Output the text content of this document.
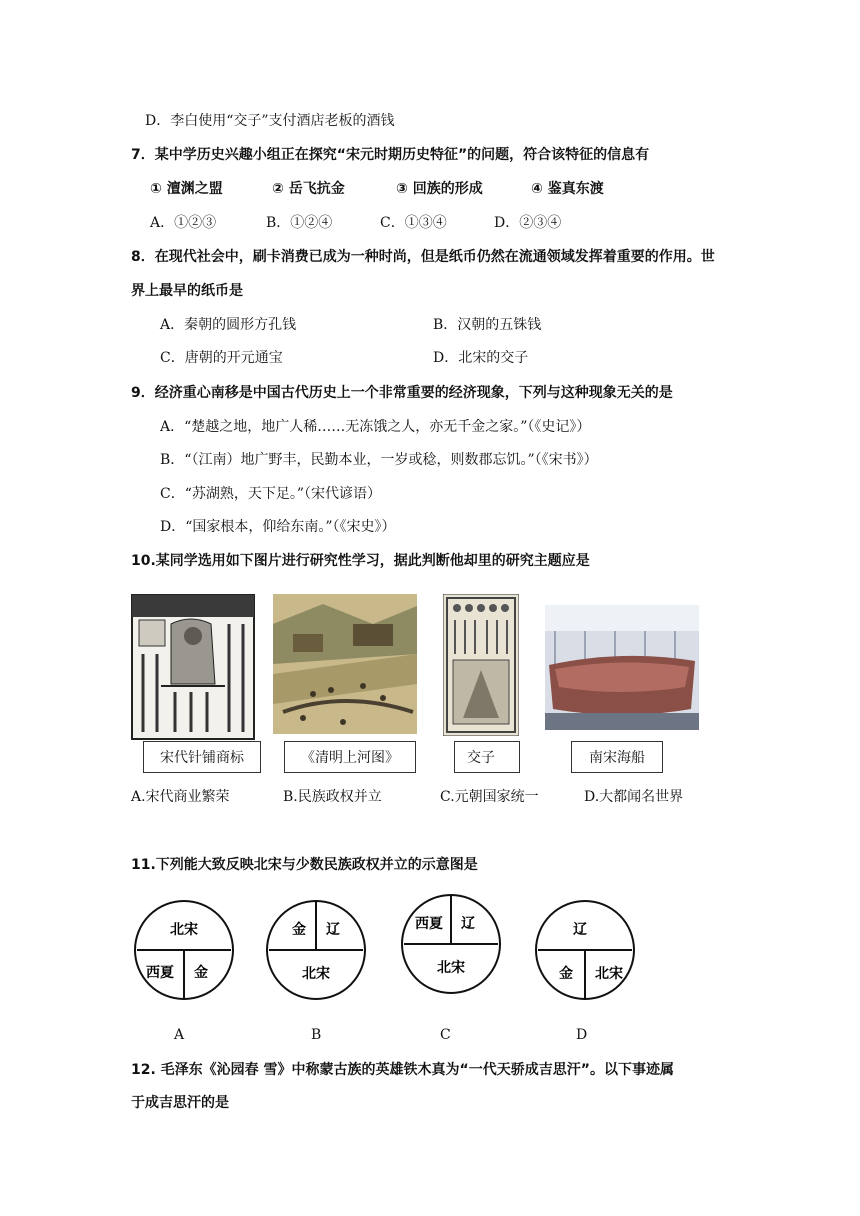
D．李白使用“交子”支付酒店老板的酒钱
7．某中学历史兴趣小组正在探究“宋元时期历史特征”的问题，符合该特征的信息有
① 澶渊之盟	② 岳飞抗金	③ 回族的形成	④ 鉴真东渡
A．①②③	B．①②④	C．①③④	D．②③④
8．在现代社会中，刷卡消费已成为一种时尚，但是纸币仍然在流通领域发挥着重要的作用。世
界上最早的纸币是
A．秦朝的圆形方孔钱	B．汉朝的五铢钱
C．唐朝的开元通宝	D．北宋的交子
9．经济重心南移是中国古代历史上一个非常重要的经济现象，下列与这种现象无关的是
A．“楚越之地，地广人稀……无冻饿之人，亦无千金之家。”（《史记》）
B．“（江南）地广野丰，民勤本业，一岁或稔，则数郡忘饥。”（《宋书》）
C．“苏湖熟，天下足。”（宋代谚语）
D．“国家根本，仰给东南。”（《宋史》）
10.某同学选用如下图片进行研究性学习，据此判断他却里的研究主题应是
宋代针铺商标	《清明上河图》	交子	南宋海船
A.宋代商业繁荣	B.民族政权并立	C.元朝国家统一	D.大都闻名世界
11.下列能大致反映北宋与少数民族政权并立的示意图是
北宋
西夏 金
金 辽
北宋
西夏 辽
北宋
辽
金 北宋
A	B	C	D
12. 毛泽东《沁园春 雪》中称蒙古族的英雄铁木真为“一代天骄成吉思汗”。以下事迹属
于成吉思汗的是
